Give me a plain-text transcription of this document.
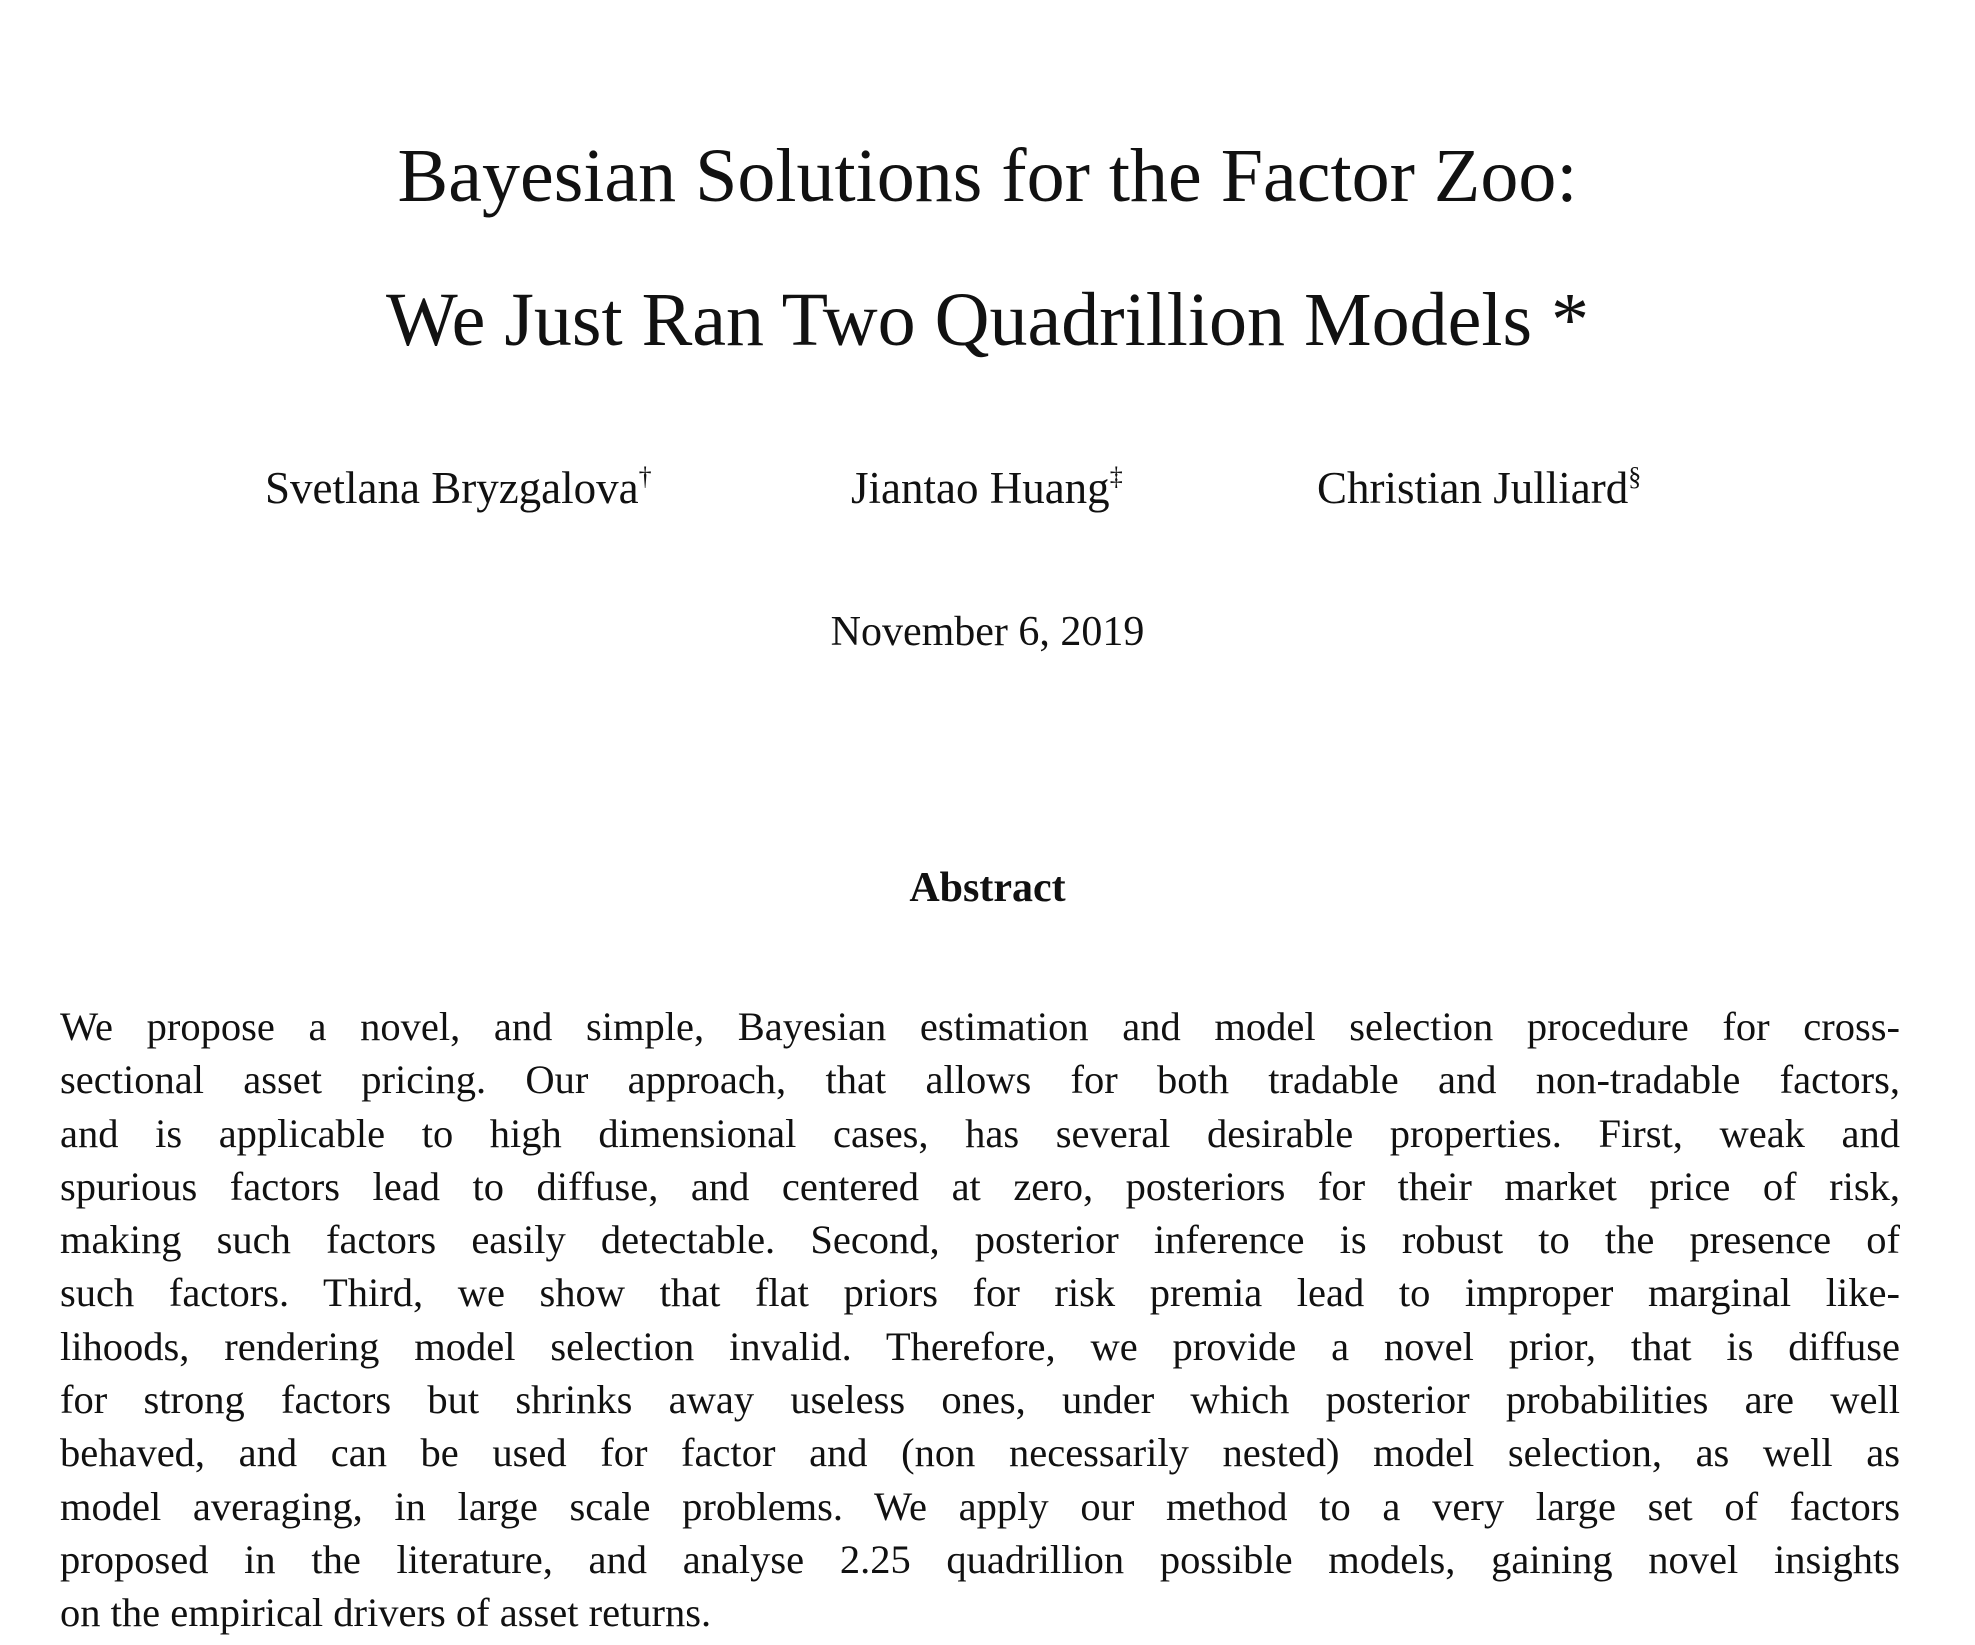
Bayesian Solutions for the Factor Zoo:
We Just Ran Two Quadrillion Models *
Svetlana Bryzgalova†	Jiantao Huang‡	Christian Julliard§
November 6, 2019
Abstract
We propose a novel, and simple, Bayesian estimation and model selection procedure for cross-
sectional asset pricing. Our approach, that allows for both tradable and non-tradable factors,
and is applicable to high dimensional cases, has several desirable properties. First, weak and
spurious factors lead to diffuse, and centered at zero, posteriors for their market price of risk,
making such factors easily detectable. Second, posterior inference is robust to the presence of
such factors. Third, we show that flat priors for risk premia lead to improper marginal like-
lihoods, rendering model selection invalid. Therefore, we provide a novel prior, that is diffuse
for strong factors but shrinks away useless ones, under which posterior probabilities are well
behaved, and can be used for factor and (non necessarily nested) model selection, as well as
model averaging, in large scale problems. We apply our method to a very large set of factors
proposed in the literature, and analyse 2.25 quadrillion possible models, gaining novel insights
on the empirical drivers of asset returns.
